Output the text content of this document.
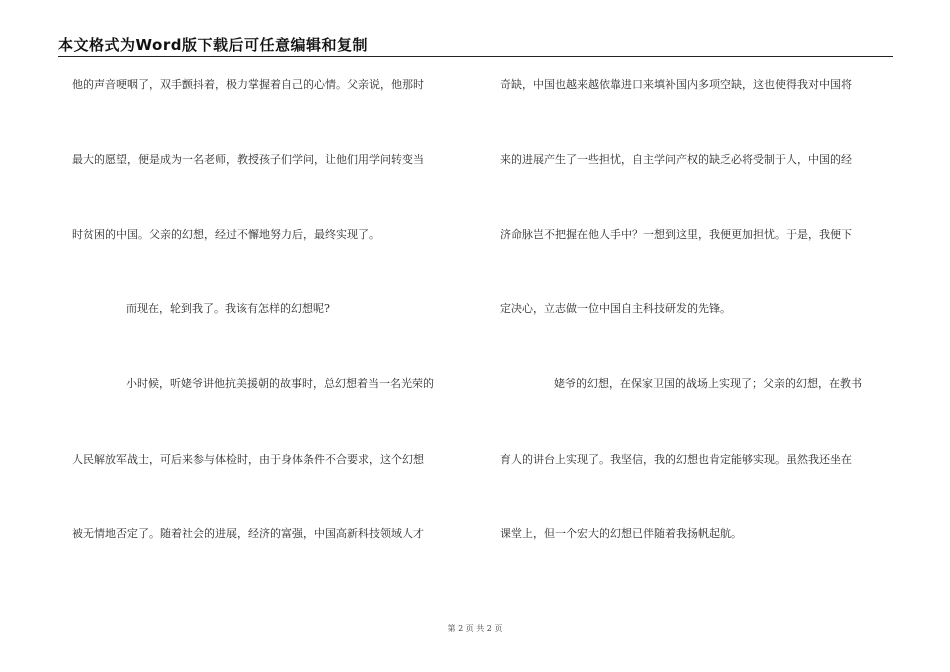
本文格式为Word版下载后可任意编辑和复制
他的声音哽咽了，双手颤抖着，极力掌握着自己的心情。父亲说，他那时
最大的愿望，便是成为一名老师，教授孩子们学问，让他们用学问转变当
时贫困的中国。父亲的幻想，经过不懈地努力后，最终实现了。
而现在，轮到我了。我该有怎样的幻想呢?
小时候，听姥爷讲他抗美援朝的故事时，总幻想着当一名光荣的
人民解放军战士，可后来参与体检时，由于身体条件不合要求，这个幻想
被无情地否定了。随着社会的进展，经济的富强，中国高新科技领域人才
奇缺，中国也越来越依靠进口来填补国内多项空缺，这也使得我对中国将
来的进展产生了一些担忧，自主学问产权的缺乏必将受制于人，中国的经
济命脉岂不把握在他人手中？一想到这里，我便更加担忧。于是，我便下
定决心，立志做一位中国自主科技研发的先锋。
姥爷的幻想，在保家卫国的战场上实现了；父亲的幻想，在教书
育人的讲台上实现了。我坚信，我的幻想也肯定能够实现。虽然我还坐在
课堂上，但一个宏大的幻想已伴随着我扬帆起航。
第 2 页 共 2 页
